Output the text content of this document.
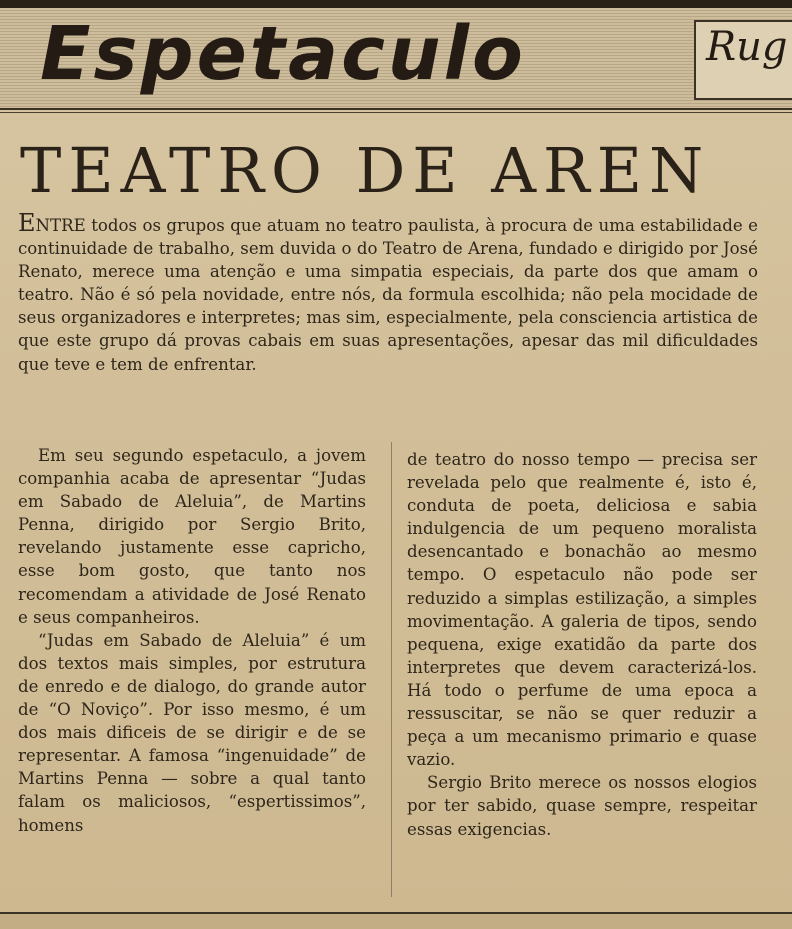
Espetaculo	Rug
TEATRO DE AREN

ENTRE todos os grupos que atuam no teatro paulista, à procura de uma estabilidade e continuidade de trabalho, sem duvida o do Teatro de Arena, fundado e dirigido por José Renato, merece uma atenção e uma simpatia especiais, da parte dos que amam o teatro. Não é só pela novidade, entre nós, da formula escolhida; não pela mocidade de seus organizadores e interpretes; mas sim, especialmente, pela consciencia artistica de que este grupo dá provas cabais em suas apresentações, apesar das mil dificuldades que teve e tem de enfrentar.

Em seu segundo espetaculo, a jovem companhia acaba de apresentar “Judas em Sabado de Aleluia”, de Martins Penna, dirigido por Sergio Brito, revelando justamente esse capricho, esse bom gosto, que tanto nos recomendam a atividade de José Renato e seus companheiros.

“Judas em Sabado de Aleluia” é um dos textos mais simples, por estrutura de enredo e de dialogo, do grande autor de “O Noviço”. Por isso mesmo, é um dos mais dificeis de se dirigir e de se representar. A famosa “ingenuidade” de Martins Penna — sobre a qual tanto falam os maliciosos, “espertissimos”, homens

de teatro do nosso tempo — precisa ser revelada pelo que realmente é, isto é, conduta de poeta, deliciosa e sabia indulgencia de um pequeno moralista desencantado e bonachão ao mesmo tempo. O espetaculo não pode ser reduzido a simplas estilização, a simples movimentação. A galeria de tipos, sendo pequena, exige exatidão da parte dos interpretes que devem caracterizá-los. Há todo o perfume de uma epoca a ressuscitar, se não se quer reduzir a peça a um mecanismo primario e quase vazio.

Sergio Brito merece os nossos elogios por ter sabido, quase sempre, respeitar essas exigencias.
